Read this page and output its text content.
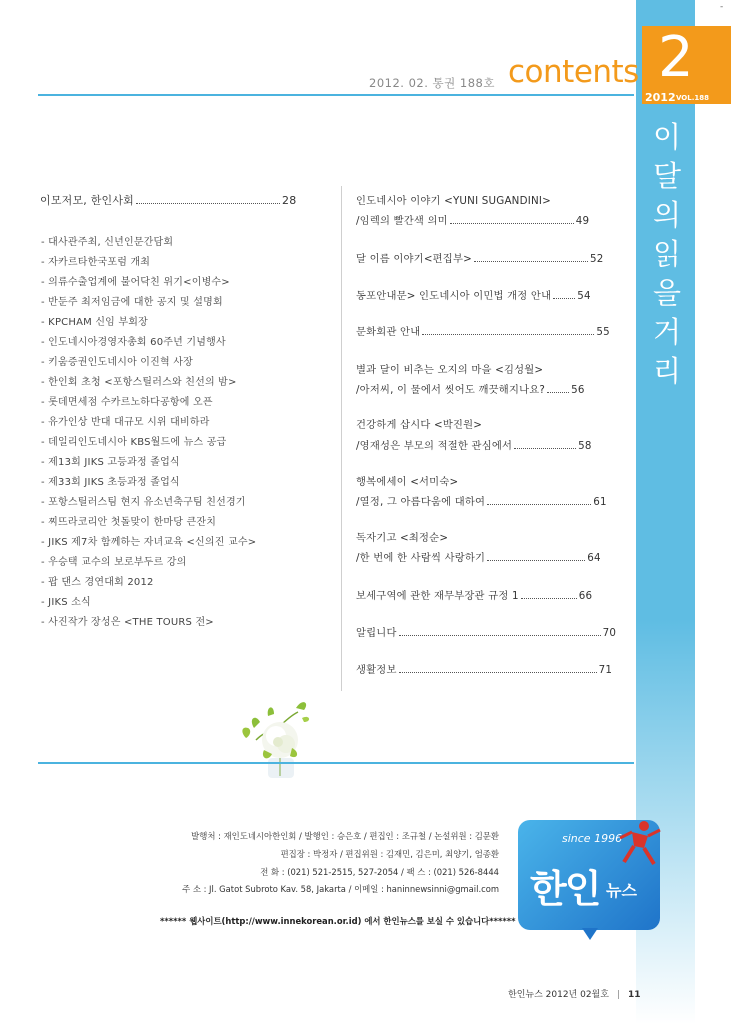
-
2
2012 VOL.188
이
달
의
읽
을
거
리
2012. 02. 통권 188호 contents
이모저모, 한인사회	28
- 대사관주최, 신년인문간담회
- 자카르타한국포럼 개최
- 의류수출업계에 불어닥친 위기<이병수>
- 반둔주 최저임금에 대한 공지 및 설명회
- KPCHAM 신임 부회장
- 인도네시아경영자총회 60주년 기념행사
- 키움증권인도네시아 이진혁 사장
- 한인회 초청 <포항스틸러스와 친선의 밤>
- 롯데면세점 수카르노하다공항에 오픈
- 유가인상 반대 대규모 시위 대비하라
- 데일리인도네시아 KBS월드에 뉴스 공급
- 제13회 JIKS 고등과정 졸업식
- 제33회 JIKS 초등과정 졸업식
- 포항스틸러스팀 현지 유소년축구팀 친선경기
- 찌뜨라코리안 첫돌맞이 한마당 큰잔치
- JIKS 제7차 함께하는 자녀교육 <신의진 교수>
- 우승택 교수의 보로부두르 강의
- 팝 댄스 경연대회 2012
- JIKS 소식
- 사진작가 장성은 <THE TOURS 전>
인도네시아 이야기 <YUNI SUGANDINI>
/임렉의 빨간색 의미	49
달 이름 이야기<편집부>	52
동포안내문> 인도네시아 이민법 개정 안내	54
문화회관 안내	55
별과 달이 비추는 오지의 마을 <김성월>
/아저씨, 이 물에서 씻어도 깨끗해지나요?	56
건강하게 삽시다 <박진원>
/영재성은 부모의 적절한 관심에서	58
행복에세이 <서미숙>
/열정, 그 아름다움에 대하여	61
독자기고 <최정순>
/한 번에 한 사람씩 사랑하기	64
보세구역에 관한 재무부장관 규정 1	66
알립니다	70
생활정보	71
발행처 : 재인도네시아한인회 / 발행인 : 승은호 / 편집인 : 조규철 / 논설위원 : 김문환
편집장 : 박정자 / 편집위원 : 김재민, 김은미, 최양기, 엄종환
전 화 : (021) 521-2515, 527-2054 / 팩 스 : (021) 526-8444
주 소 : Jl. Gatot Subroto Kav. 58, Jakarta / 이메일 : haninnewsinni@gmail.com
****** 웹사이트(http://www.innekorean.or.id) 에서 한인뉴스를 보실 수 있습니다******
since 1996
한인 뉴스
한인뉴스 2012년 02월호 | 11
